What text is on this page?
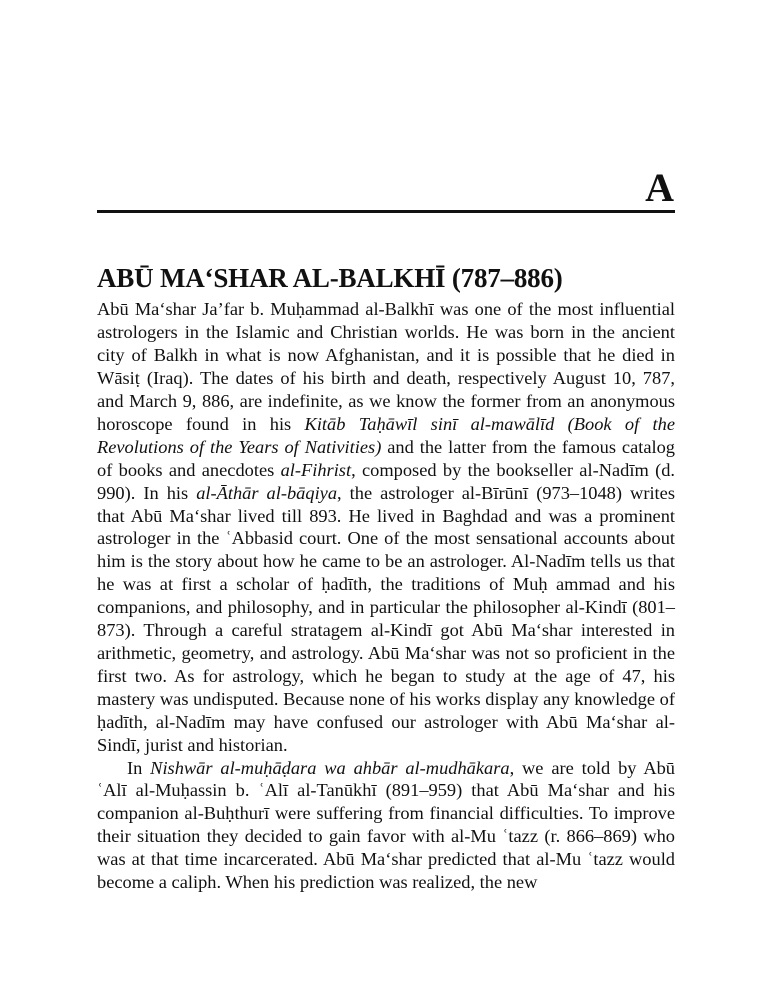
A
ABŪ MA‘SHAR AL-BALKHĪ (787–886)

Abū Ma‘shar Ja’far b. Muḥammad al-Balkhī was one of the most influential astrologers in the Islamic and Christian worlds. He was born in the ancient city of Balkh in what is now Afghanistan, and it is possible that he died in Wāsiṭ (Iraq). The dates of his birth and death, respectively August 10, 787, and March 9, 886, are indefinite, as we know the former from an anonymous horoscope found in his Kitāb Taḥāwīl sinī al-mawālīd (Book of the Revolutions of the Years of Nativities) and the latter from the famous catalog of books and anecdotes al-Fihrist, composed by the bookseller al-Nadīm (d. 990). In his al-Āthār al-bāqiya, the astrologer al-Bīrūnī (973–1048) writes that Abū Ma‘shar lived till 893. He lived in Baghdad and was a prominent astrologer in the ʿAbbasid court. One of the most sensational accounts about him is the story about how he came to be an astrologer. Al-Nadīm tells us that he was at first a scholar of ḥadīth, the traditions of Muḥ ammad and his companions, and philosophy, and in particular the philosopher al-Kindī (801–873). Through a careful stratagem al-Kindī got Abū Ma‘shar interested in arithmetic, geometry, and astrology. Abū Ma‘shar was not so proficient in the first two. As for astrology, which he began to study at the age of 47, his mastery was undisputed. Because none of his works display any knowledge of ḥadīth, al-Nadīm may have confused our astrologer with Abū Ma‘shar al-Sindī, jurist and historian.

In Nishwār al-muḥāḍara wa ahbār al-mudhākara, we are told by Abū ʿAlī al-Muḥassin b. ʿAlī al-Tanūkhī (891–959) that Abū Ma‘shar and his companion al-Buḥthurī were suffering from financial difficulties. To improve their situation they decided to gain favor with al-Mu ʿtazz (r. 866–869) who was at that time incarcerated. Abū Ma‘shar predicted that al-Mu ʿtazz would become a caliph. When his prediction was realized, the new
